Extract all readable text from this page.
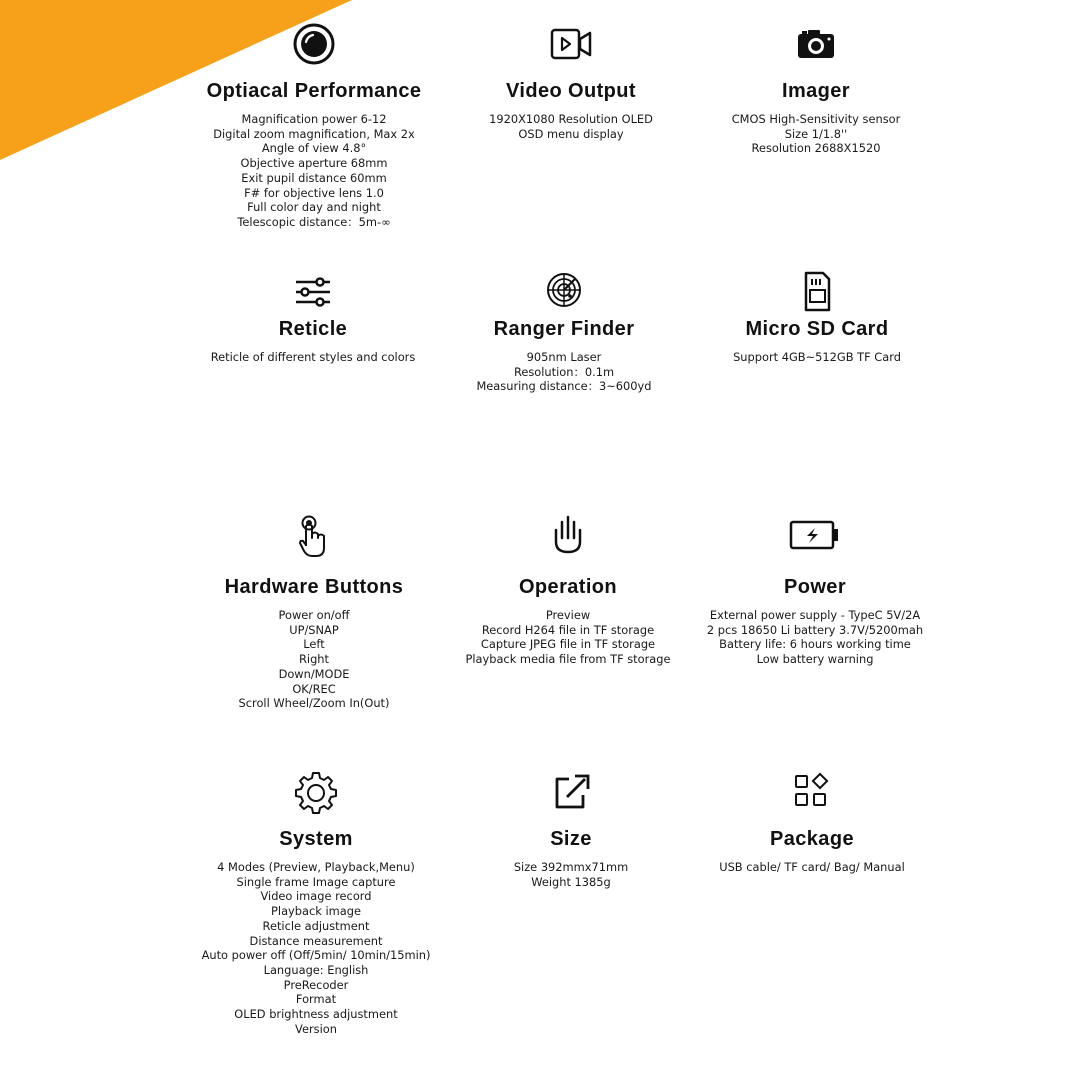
Optiacal Performance
Magnification power 6-12
Digital zoom magnification, Max 2x
Angle of view 4.8°
Objective aperture 68mm
Exit pupil distance 60mm
F# for objective lens 1.0
Full color day and night
Telescopic distance：5m-∞
Video Output
1920X1080 Resolution OLED
OSD menu display
Imager
CMOS High-Sensitivity sensor
Size 1/1.8''
Resolution 2688X1520
Reticle
Reticle of different styles and colors
Ranger Finder
905nm Laser
Resolution：0.1m
Measuring distance：3~600yd
Micro SD Card
Support 4GB~512GB TF Card
Hardware Buttons
Power on/off
UP/SNAP
Left
Right
Down/MODE
OK/REC
Scroll Wheel/Zoom In(Out)
Operation
Preview
Record H264 file in TF storage
Capture JPEG file in TF storage
Playback media file from TF storage
Power
External power supply - TypeC 5V/2A
2 pcs 18650 Li battery 3.7V/5200mah
Battery life: 6 hours working time
Low battery warning
System
4 Modes (Preview, Playback,Menu)
Single frame Image capture
Video image record
Playback image
Reticle adjustment
Distance measurement
Auto power off (Off/5min/ 10min/15min)
Language: English
PreRecoder
Format
OLED brightness adjustment
Version
Size
Size 392mmx71mm
Weight 1385g
Package
USB cable/ TF card/ Bag/ Manual
